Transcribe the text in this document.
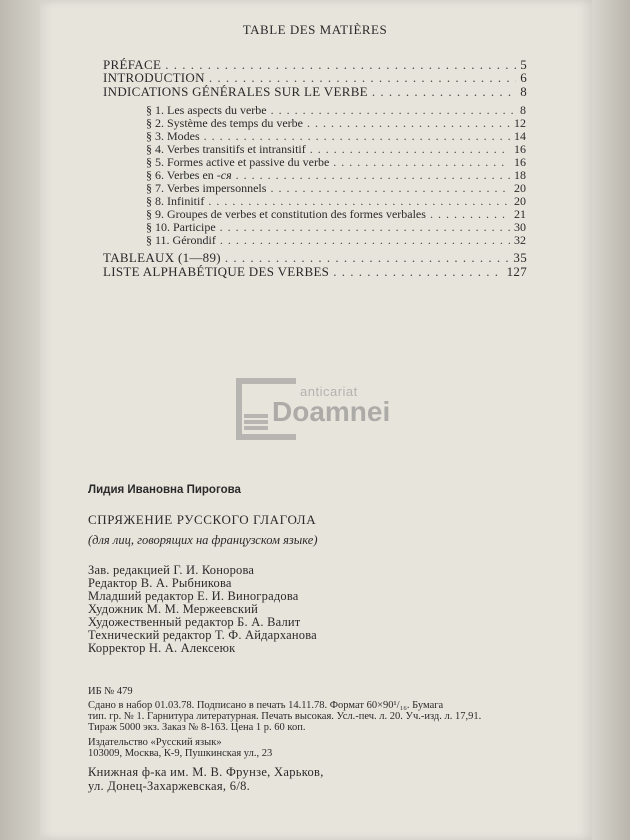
TABLE DES MATIÈRES
PRÉFACE . . .	5
INTRODUCTION . . .	6
INDICATIONS GÉNÉRALES SUR LE VERBE . . .	8
§ 1. Les aspects du verbe . . .	8
§ 2. Système des temps du verbe . . .	12
§ 3. Modes . . .	14
§ 4. Verbes transitifs et intransitif . . .	16
§ 5. Formes active et passive du verbe . . .	16
§ 6. Verbes en -ся . . .	18
§ 7. Verbes impersonnels . . .	20
§ 8. Infinitif . . .	20
§ 9. Groupes de verbes et constitution des formes verbales . . .	21
§ 10. Participe . . .	30
§ 11. Gérondif . . .	32
TABLEAUX (1—89) . . .	35
LISTE ALPHABÉTIQUE DES VERBES . . .	127
anticariat
Doamnei
Лидия Ивановна Пирогова
СПРЯЖЕНИЕ РУССКОГО ГЛАГОЛА
(для лиц, говорящих на французском языке)
Зав. редакцией Г. И. Конорова
Редактор В. А. Рыбникова
Младший редактор Е. И. Виноградова
Художник М. М. Мержеевский
Художественный редактор Б. А. Валит
Технический редактор Т. Ф. Айдарханова
Корректор Н. А. Алексеюк
ИБ № 479
Сдано в набор 01.03.78. Подписано в печать 14.11.78. Формат 60×90¹/₁₆. Бумага
тип. гр. № 1. Гарнитура литературная. Печать высокая. Усл.-печ. л. 20. Уч.-изд. л. 17,91.
Тираж 5000 экз. Заказ № 8-163. Цена 1 р. 60 коп.
Издательство «Русский язык»
103009, Москва, К-9, Пушкинская ул., 23
Книжная ф-ка им. М. В. Фрунзе, Харьков,
ул. Донец-Захаржевская, 6/8.
